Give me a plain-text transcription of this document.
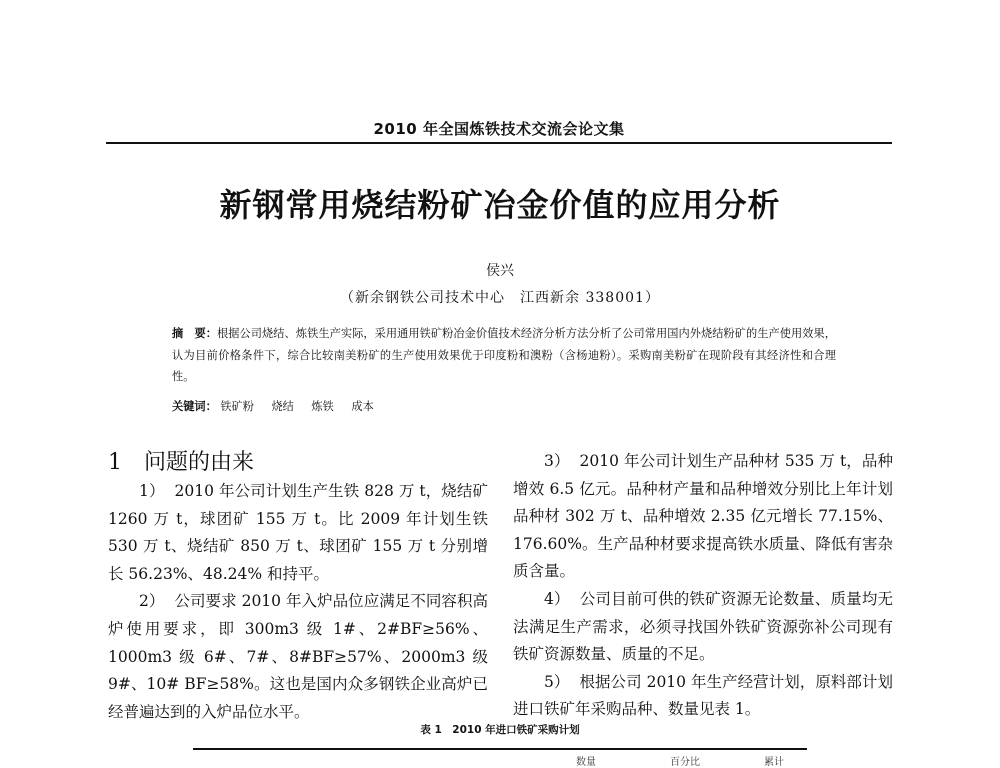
2010 年全国炼铁技术交流会论文集
新钢常用烧结粉矿冶金价值的应用分析
侯兴
（新余钢铁公司技术中心　江西新余 338001）
摘　要：根据公司烧结、炼铁生产实际，采用通用铁矿粉冶金价值技术经济分析方法分析了公司常用国内外烧结粉矿的生产使用效果，认为目前价格条件下，综合比较南美粉矿的生产使用效果优于印度粉和澳粉（含杨迪粉）。采购南美粉矿在现阶段有其经济性和合理性。
关键词： 铁矿粉 烧结 炼铁 成本
1 问题的由来

1） 2010 年公司计划生产生铁 828 万 t，烧结矿 1260 万 t，球团矿 155 万 t。比 2009 年计划生铁 530 万 t、烧结矿 850 万 t、球团矿 155 万 t 分别增长 56.23%、48.24% 和持平。

2） 公司要求 2010 年入炉品位应满足不同容积高炉使用要求，即 300m3 级 1#、2#BF≥56%、1000m3 级 6#、7#、8#BF≥57%、2000m3 级 9#、10# BF≥58%。这也是国内众多钢铁企业高炉已经普遍达到的入炉品位水平。

3） 2010 年公司计划生产品种材 535 万 t，品种增效 6.5 亿元。品种材产量和品种增效分别比上年计划品种材 302 万 t、品种增效 2.35 亿元增长 77.15%、176.60%。生产品种材要求提高铁水质量、降低有害杂质含量。

4） 公司目前可供的铁矿资源无论数量、质量均无法满足生产需求，必须寻找国外铁矿资源弥补公司现有铁矿资源数量、质量的不足。

5） 根据公司 2010 年生产经营计划，原料部计划进口铁矿年采购品种、数量见表 1。

表 1　2010 年进口铁矿采购计划
数量	百分比	累计
